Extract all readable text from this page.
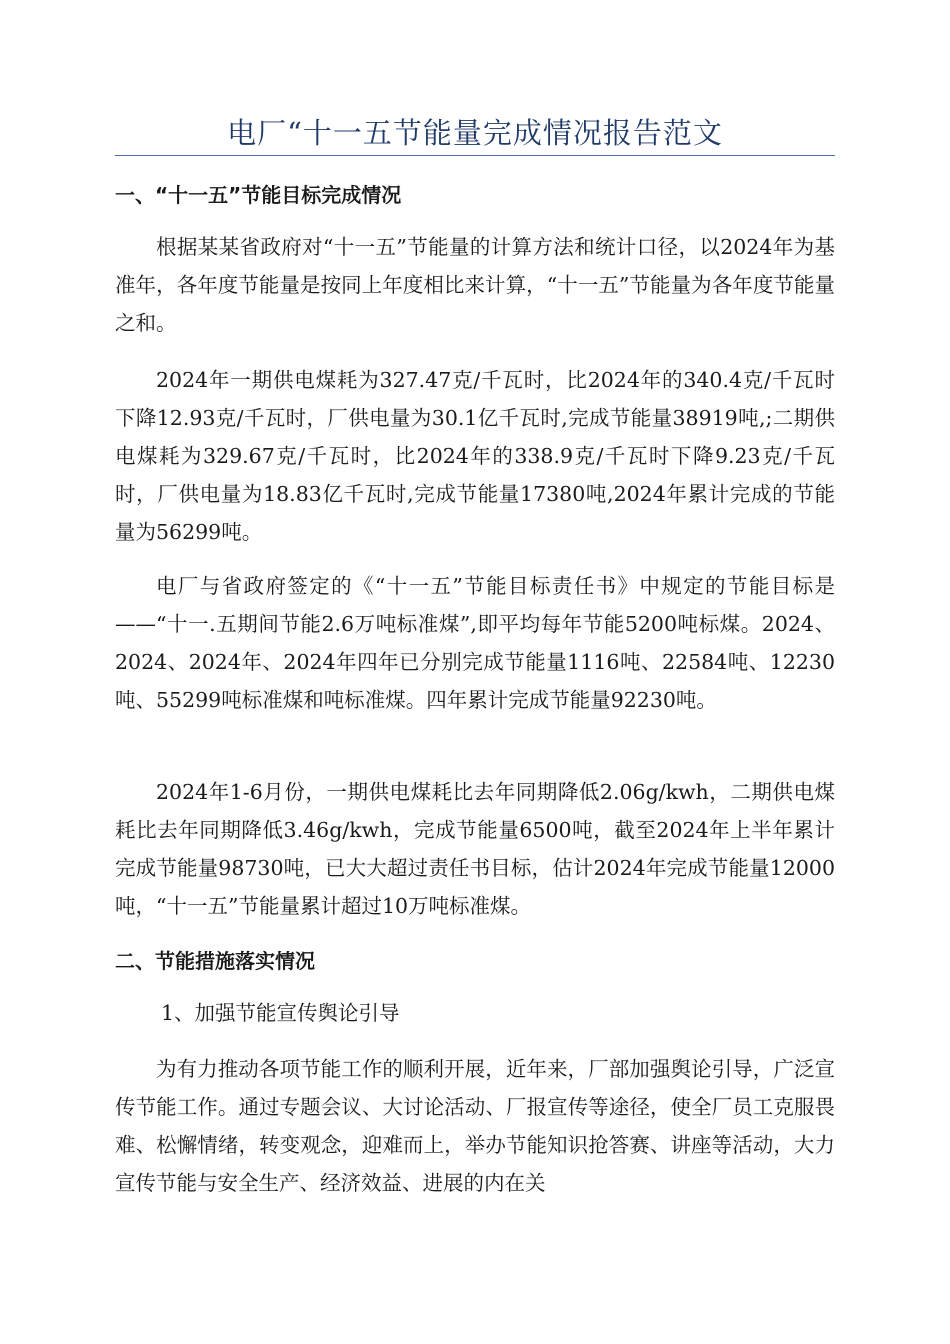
电厂“十一五节能量完成情况报告范文
一、“十一五”节能目标完成情况

根据某某省政府对“十一五”节能量的计算方法和统计口径，以2024年为基准年，各年度节能量是按同上年度相比来计算，“十一五”节能量为各年度节能量之和。

2024年一期供电煤耗为327.47克/千瓦时，比2024年的340.4克/千瓦时下降12.93克/千瓦时，厂供电量为30.1亿千瓦时,完成节能量38919吨,;二期供电煤耗为329.67克/千瓦时，比2024年的338.9克/千瓦时下降9.23克/千瓦时，厂供电量为18.83亿千瓦时,完成节能量17380吨,2024年累计完成的节能量为56299吨。

电厂与省政府签定的《“十一五”节能目标责任书》中规定的节能目标是——“十一.五期间节能2.6万吨标准煤”,即平均每年节能5200吨标煤。2024、2024、2024年、2024年四年已分别完成节能量1116吨、22584吨、12230吨、55299吨标准煤和吨标准煤。四年累计完成节能量92230吨。

2024年1-6月份，一期供电煤耗比去年同期降低2.06g/kwh，二期供电煤耗比去年同期降低3.46g/kwh，完成节能量6500吨，截至2024年上半年累计完成节能量98730吨，已大大超过责任书目标，估计2024年完成节能量12000吨，“十一五”节能量累计超过10万吨标准煤。

二、节能措施落实情况
1、加强节能宣传舆论引导

为有力推动各项节能工作的顺利开展，近年来，厂部加强舆论引导，广泛宣传节能工作。通过专题会议、大讨论活动、厂报宣传等途径，使全厂员工克服畏难、松懈情绪，转变观念，迎难而上，举办节能知识抢答赛、讲座等活动，大力宣传节能与安全生产、经济效益、进展的内在关
